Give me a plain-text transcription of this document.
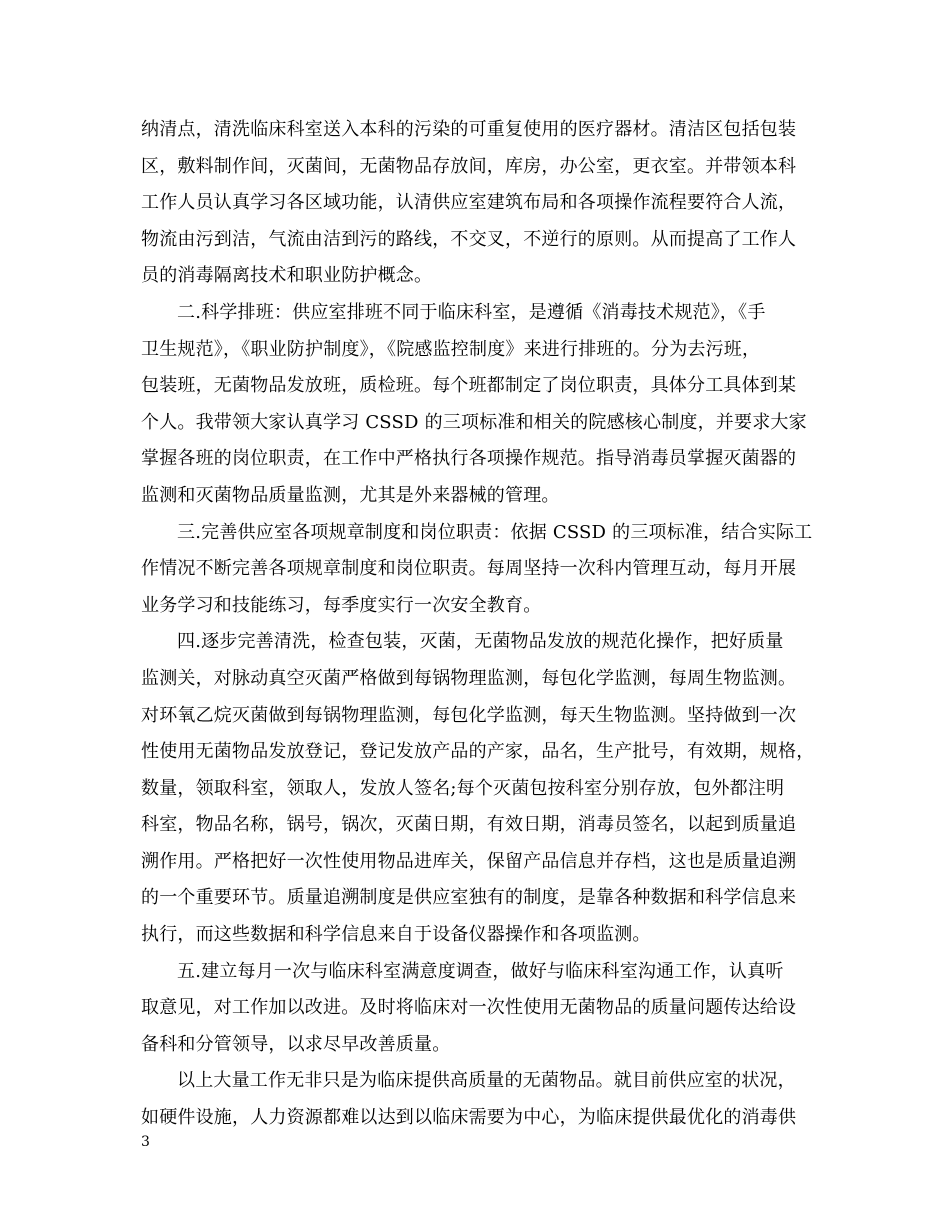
纳清点，清洗临床科室送入本科的污染的可重复使用的医疗器材。清洁区包括包装
区，敷料制作间，灭菌间，无菌物品存放间，库房，办公室，更衣室。并带领本科
工作人员认真学习各区域功能，认清供应室建筑布局和各项操作流程要符合人流，
物流由污到洁，气流由洁到污的路线，不交叉，不逆行的原则。从而提高了工作人
员的消毒隔离技术和职业防护概念。
二.科学排班：供应室排班不同于临床科室，是遵循《消毒技术规范》，《手
卫生规范》，《职业防护制度》，《院感监控制度》来进行排班的。分为去污班，
包装班，无菌物品发放班，质检班。每个班都制定了岗位职责，具体分工具体到某
个人。我带领大家认真学习 CSSD 的三项标准和相关的院感核心制度，并要求大家
掌握各班的岗位职责，在工作中严格执行各项操作规范。指导消毒员掌握灭菌器的
监测和灭菌物品质量监测，尤其是外来器械的管理。
三.完善供应室各项规章制度和岗位职责：依据 CSSD 的三项标准，结合实际工
作情况不断完善各项规章制度和岗位职责。每周坚持一次科内管理互动，每月开展
业务学习和技能练习，每季度实行一次安全教育。
四.逐步完善清洗，检查包装，灭菌，无菌物品发放的规范化操作，把好质量
监测关，对脉动真空灭菌严格做到每锅物理监测，每包化学监测，每周生物监测。
对环氧乙烷灭菌做到每锅物理监测，每包化学监测，每天生物监测。坚持做到一次
性使用无菌物品发放登记，登记发放产品的产家，品名，生产批号，有效期，规格，
数量，领取科室，领取人，发放人签名;每个灭菌包按科室分别存放，包外都注明
科室，物品名称，锅号，锅次，灭菌日期，有效日期，消毒员签名，以起到质量追
溯作用。严格把好一次性使用物品进库关，保留产品信息并存档，这也是质量追溯
的一个重要环节。质量追溯制度是供应室独有的制度，是靠各种数据和科学信息来
执行，而这些数据和科学信息来自于设备仪器操作和各项监测。
五.建立每月一次与临床科室满意度调查，做好与临床科室沟通工作，认真听
取意见，对工作加以改进。及时将临床对一次性使用无菌物品的质量问题传达给设
备科和分管领导，以求尽早改善质量。
以上大量工作无非只是为临床提供高质量的无菌物品。就目前供应室的状况，
如硬件设施，人力资源都难以达到以临床需要为中心，为临床提供最优化的消毒供
3
